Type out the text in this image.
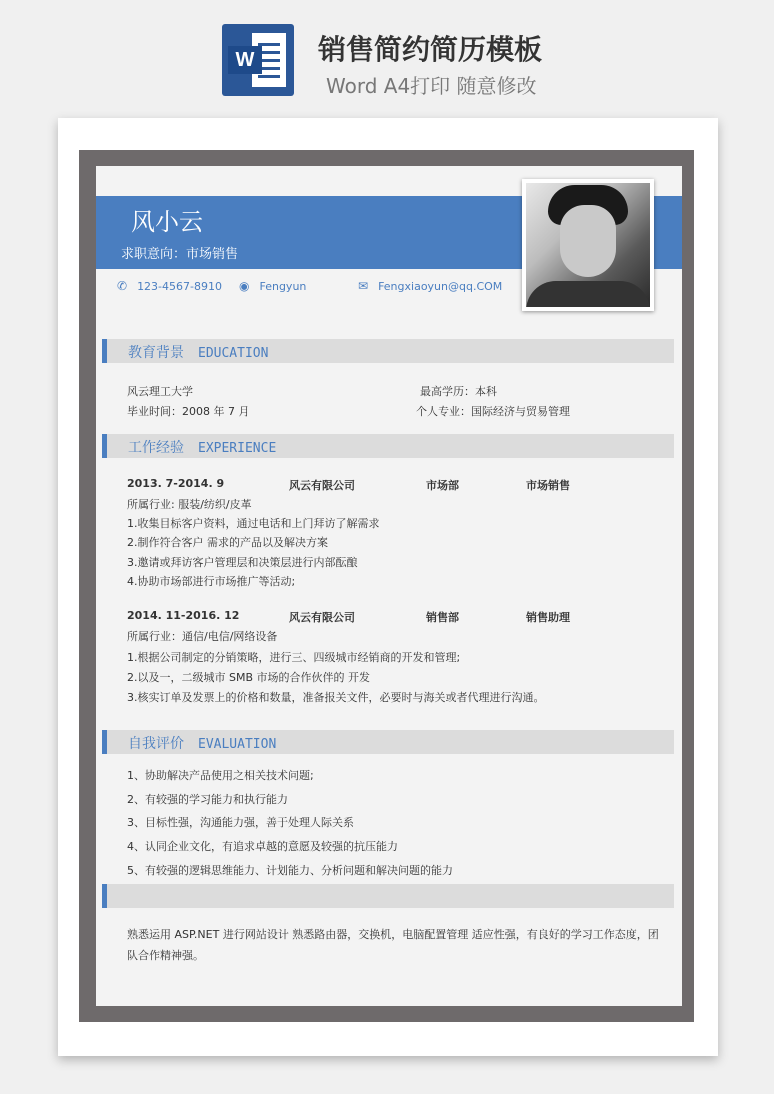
W 销售简约简历模板
Word A4打印 随意修改
风小云
求职意向：市场销售
✆ 123-4567-8910 ◉ Fengyun	✉ Fengxiaoyun@qq.COM
教育背景 EDUCATION
风云理工大学	最高学历：本科
毕业时间：2008 年 7 月	个人专业：国际经济与贸易管理
工作经验 EXPERIENCE
2013. 7-2014. 9	风云有限公司	市场部	市场销售
所属行业: 服装/纺织/皮革
1.收集目标客户资料，通过电话和上门拜访了解需求
2.制作符合客户 需求的产品以及解决方案
3.邀请或拜访客户管理层和决策层进行内部酝酿
4.协助市场部进行市场推广等活动;
2014. 11-2016. 12	风云有限公司	销售部	销售助理
所属行业：通信/电信/网络设备
1.根据公司制定的分销策略，进行三、四级城市经销商的开发和管理;
2.以及一，二级城市 SMB 市场的合作伙伴的 开发
3.核实订单及发票上的价格和数量，准备报关文件，必要时与海关或者代理进行沟通。
自我评价 EVALUATION
1、协助解决产品使用之相关技术问题;
2、有较强的学习能力和执行能力
3、目标性强，沟通能力强，善于处理人际关系
4、认同企业文化，有追求卓越的意愿及较强的抗压能力
5、有较强的逻辑思维能力、计划能力、分析问题和解决问题的能力
熟悉运用 ASP.NET 进行网站设计 熟悉路由器，交换机，电脑配置管理 适应性强，有良好的学习工作态度，团队合作精神强。
